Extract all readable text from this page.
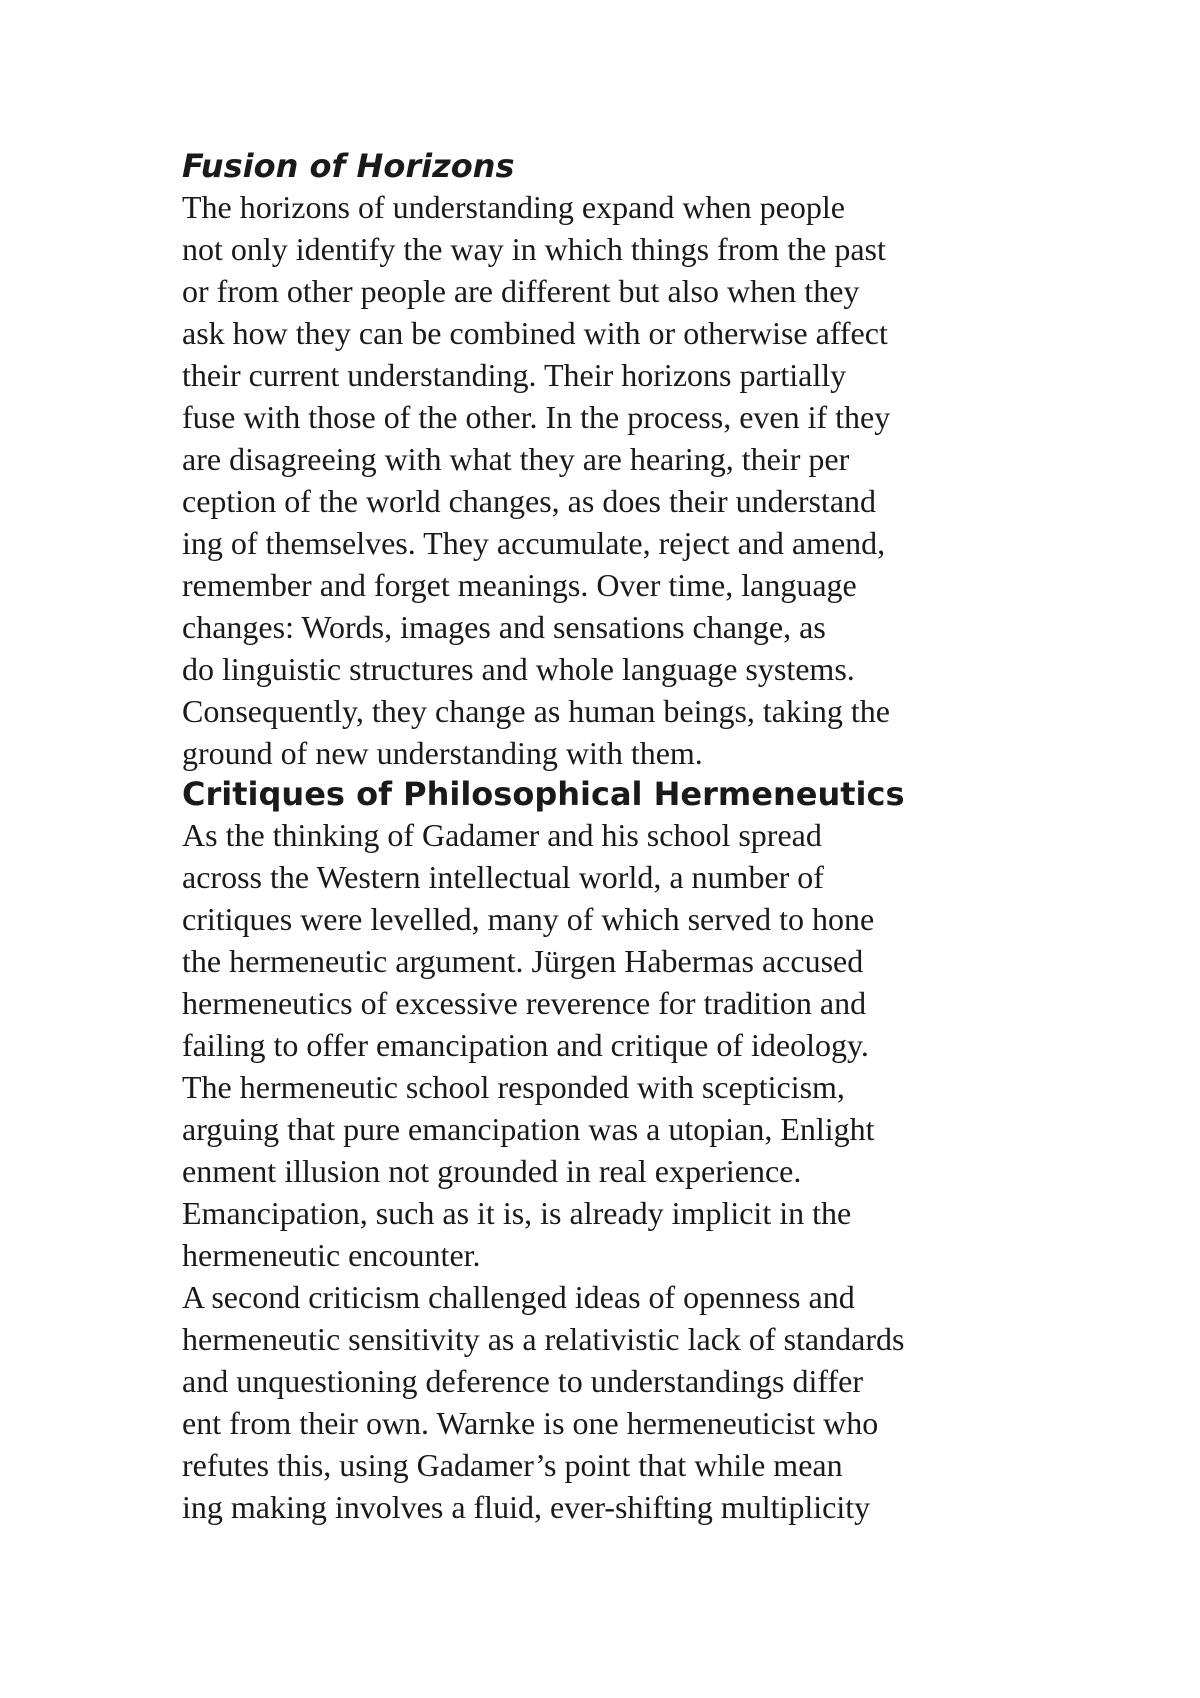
Fusion of Horizons
The horizons of understanding expand when people
not only identify the way in which things from the past
or from other people are different but also when they
ask how they can be combined with or otherwise affect
their current understanding. Their horizons partially
fuse with those of the other. In the process, even if they
are disagreeing with what they are hearing, their per
ception of the world changes, as does their understand
ing of themselves. They accumulate, reject and amend,
remember and forget meanings. Over time, language
changes: Words, images and sensations change, as
do linguistic structures and whole language systems.
Consequently, they change as human beings, taking the
ground of new understanding with them.
Critiques of Philosophical Hermeneutics
As the thinking of Gadamer and his school spread
across the Western intellectual world, a number of
critiques were levelled, many of which served to hone
the hermeneutic argument. Jürgen Habermas accused
hermeneutics of excessive reverence for tradition and
failing to offer emancipation and critique of ideology.
The hermeneutic school responded with scepticism,
arguing that pure emancipation was a utopian, Enlight
enment illusion not grounded in real experience.
Emancipation, such as it is, is already implicit in the
hermeneutic encounter.
A second criticism challenged ideas of openness and
hermeneutic sensitivity as a relativistic lack of standards
and unquestioning deference to understandings differ
ent from their own. Warnke is one hermeneuticist who
refutes this, using Gadamer’s point that while mean
ing making involves a fluid, ever-shifting multiplicity
